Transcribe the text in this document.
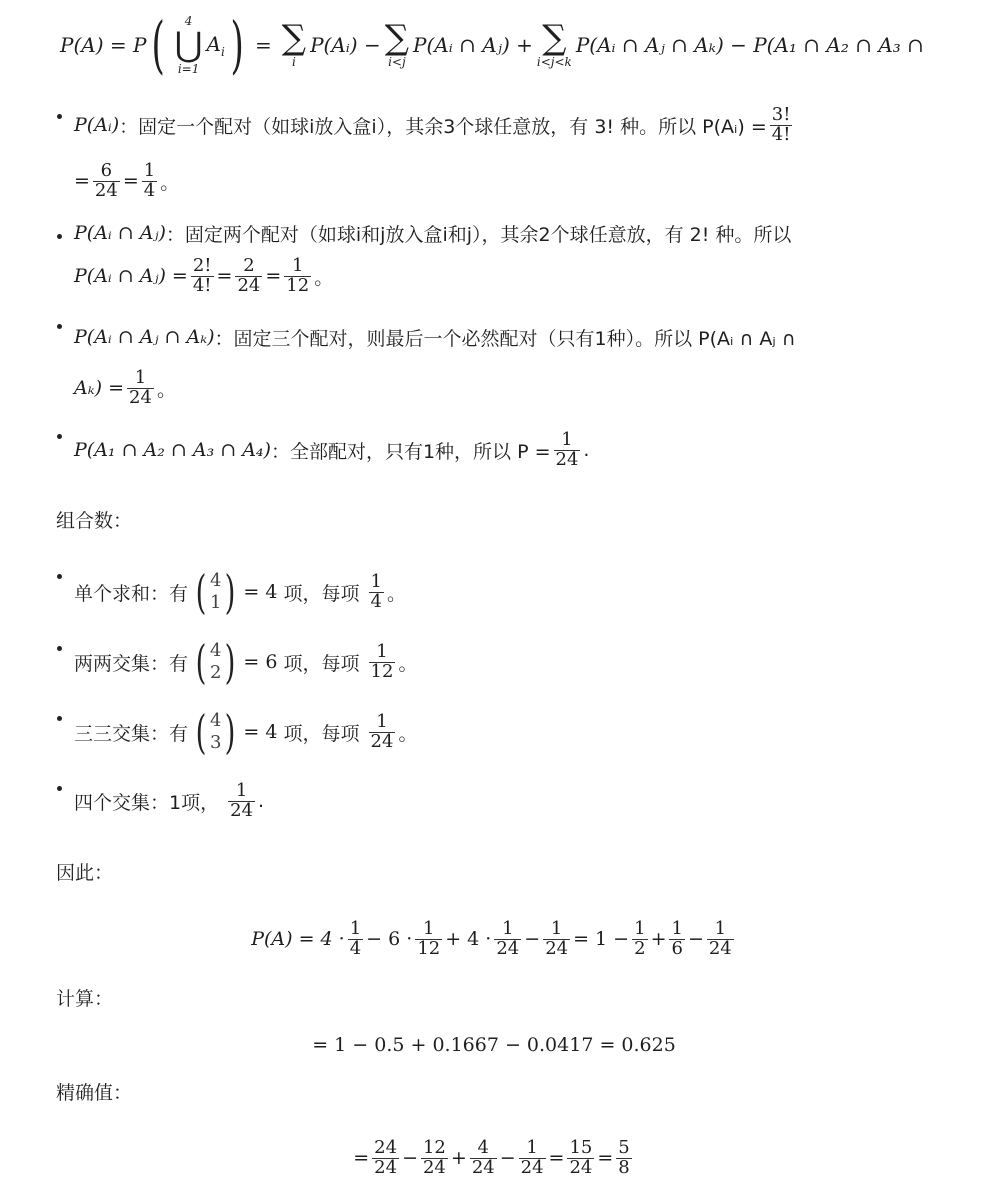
P(A) = P ( 4
⋃
i=1
$A_i$ ) = ∑
i
P(Aᵢ) − ∑
i<j
P(Aᵢ ∩ Aⱼ) + ∑
i<j<k
P(Aᵢ ∩ Aⱼ ∩ Aₖ) − P(A₁ ∩ A₂ ∩ A₃ ∩
P(Aᵢ) ：固定一个配对（如球i放入盒i），其余3个球任意放，有 3! 种。所以 P(Aᵢ) = $\frac{3!}{4!}$
= $\frac{6}{24} = \frac{1}{4}$ 。
P(Aᵢ ∩ Aⱼ) ：固定两个配对（如球i和j放入盒i和j），其余2个球任意放，有 2! 种。所以
P(Aᵢ ∩ Aⱼ) = $\frac{2!}{4!} = \frac{2}{24} = \frac{1}{12}$ 。
P(Aᵢ ∩ Aⱼ ∩ Aₖ) ：固定三个配对，则最后一个必然配对（只有1种）。所以 P(Aᵢ ∩ Aⱼ ∩
$A_k) = \frac{1}{24}$ 。
P(A₁ ∩ A₂ ∩ A₃ ∩ A₄) ：全部配对，只有1种，所以 $P = \frac{1}{24}$ .
组合数：
单个求和：有 ( 4
1 ) = 4
项，每项
$\frac{1}{4}$ 。
两两交集：有 ( 4
2 ) = 6
项，每项
$\frac{1}{12}$ 。
三三交集：有 ( 4
3 ) = 4
项，每项
$\frac{1}{24}$ 。
四个交集：1项，
$\frac{1}{24}$ .
因此：
$P(A) = 4 \cdot \frac{1}{4} - 6 \cdot \frac{1}{12} + 4 \cdot \frac{1}{24} - \frac{1}{24} = 1 - \frac{1}{2} + \frac{1}{6} - \frac{1}{24}$
计算：
= 1 − 0.5 + 0.1667 − 0.0417 = 0.625
精确值：
= $\frac{24}{24} - \frac{12}{24} + \frac{4}{24} - \frac{1}{24} = \frac{15}{24} = \frac{5}{8}$
